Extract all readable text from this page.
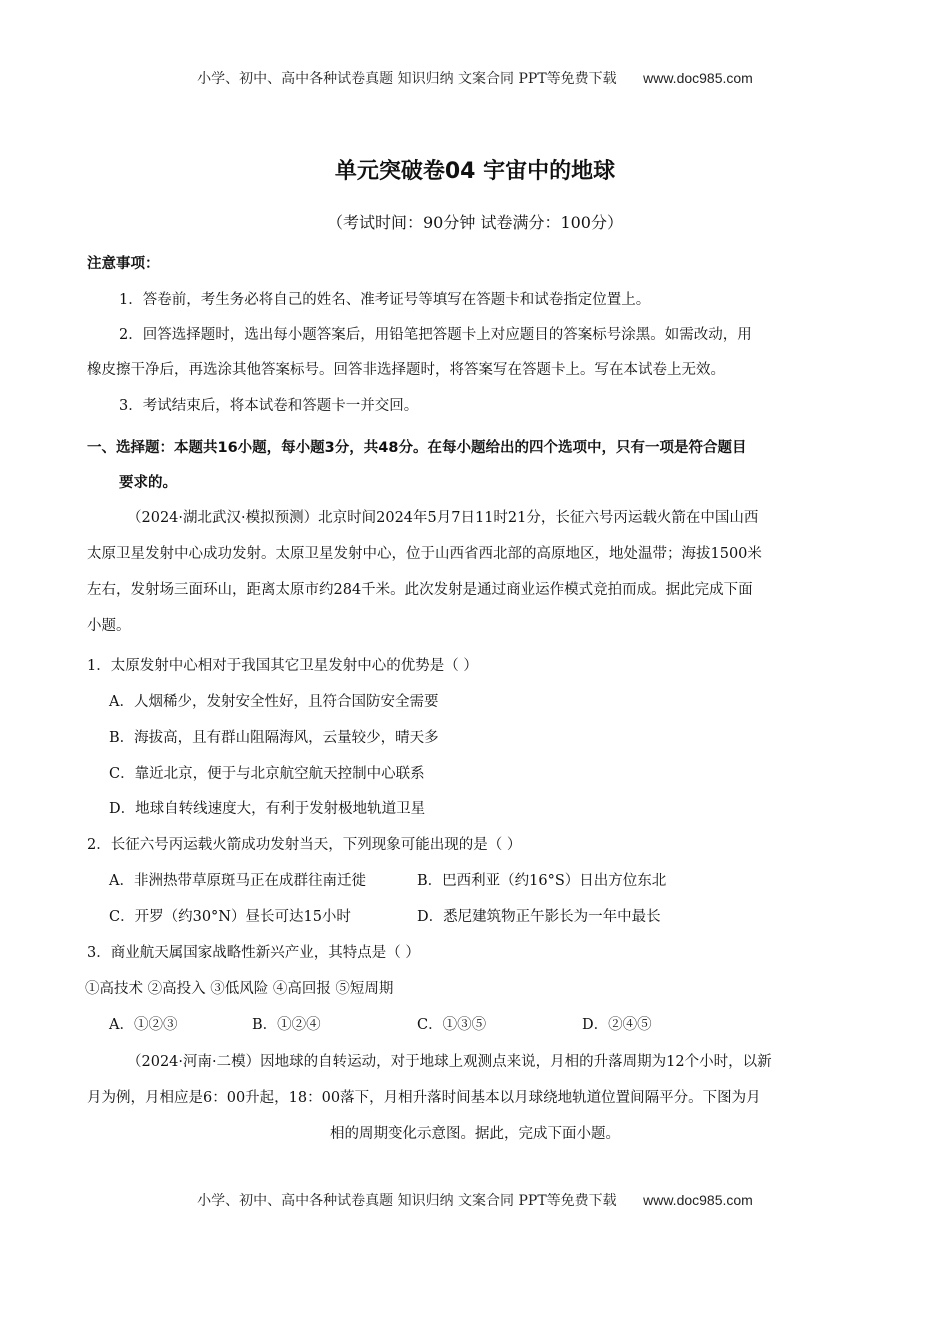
小学、初中、高中各种试卷真题 知识归纳 文案合同 PPT等免费下载 www.doc985.com
单元突破卷04 宇宙中的地球
（考试时间：90分钟 试卷满分：100分）
注意事项：
1．答卷前，考生务必将自己的姓名、准考证号等填写在答题卡和试卷指定位置上。
2．回答选择题时，选出每小题答案后，用铅笔把答题卡上对应题目的答案标号涂黑。如需改动，用
橡皮擦干净后，再选涂其他答案标号。回答非选择题时，将答案写在答题卡上。写在本试卷上无效。
3．考试结束后，将本试卷和答题卡一并交回。
一、选择题：本题共16小题，每小题3分，共48分。在每小题给出的四个选项中，只有一项是符合题目
要求的。
（2024·湖北武汉·模拟预测）北京时间2024年5月7日11时21分，长征六号丙运载火箭在中国山西
太原卫星发射中心成功发射。太原卫星发射中心，位于山西省西北部的高原地区，地处温带；海拔1500米
左右，发射场三面环山，距离太原市约284千米。此次发射是通过商业运作模式竞拍而成。据此完成下面
小题。
1．太原发射中心相对于我国其它卫星发射中心的优势是（ ）
A．人烟稀少，发射安全性好，且符合国防安全需要
B．海拔高，且有群山阻隔海风，云量较少，晴天多
C．靠近北京，便于与北京航空航天控制中心联系
D．地球自转线速度大，有利于发射极地轨道卫星
2．长征六号丙运载火箭成功发射当天，下列现象可能出现的是（ ）
A．非洲热带草原斑马正在成群往南迁徙	B．巴西利亚（约16°S）日出方位东北
C．开罗（约30°N）昼长可达15小时	D．悉尼建筑物正午影长为一年中最长
3．商业航天属国家战略性新兴产业，其特点是（ ）
①高技术 ②高投入 ③低风险 ④高回报 ⑤短周期
A．①②③	B．①②④	C．①③⑤	D．②④⑤
（2024·河南·二模）因地球的自转运动，对于地球上观测点来说，月相的升落周期为12个小时，以新
月为例，月相应是6：00升起，18：00落下，月相升落时间基本以月球绕地轨道位置间隔平分。下图为月
相的周期变化示意图。据此，完成下面小题。
小学、初中、高中各种试卷真题 知识归纳 文案合同 PPT等免费下载 www.doc985.com
